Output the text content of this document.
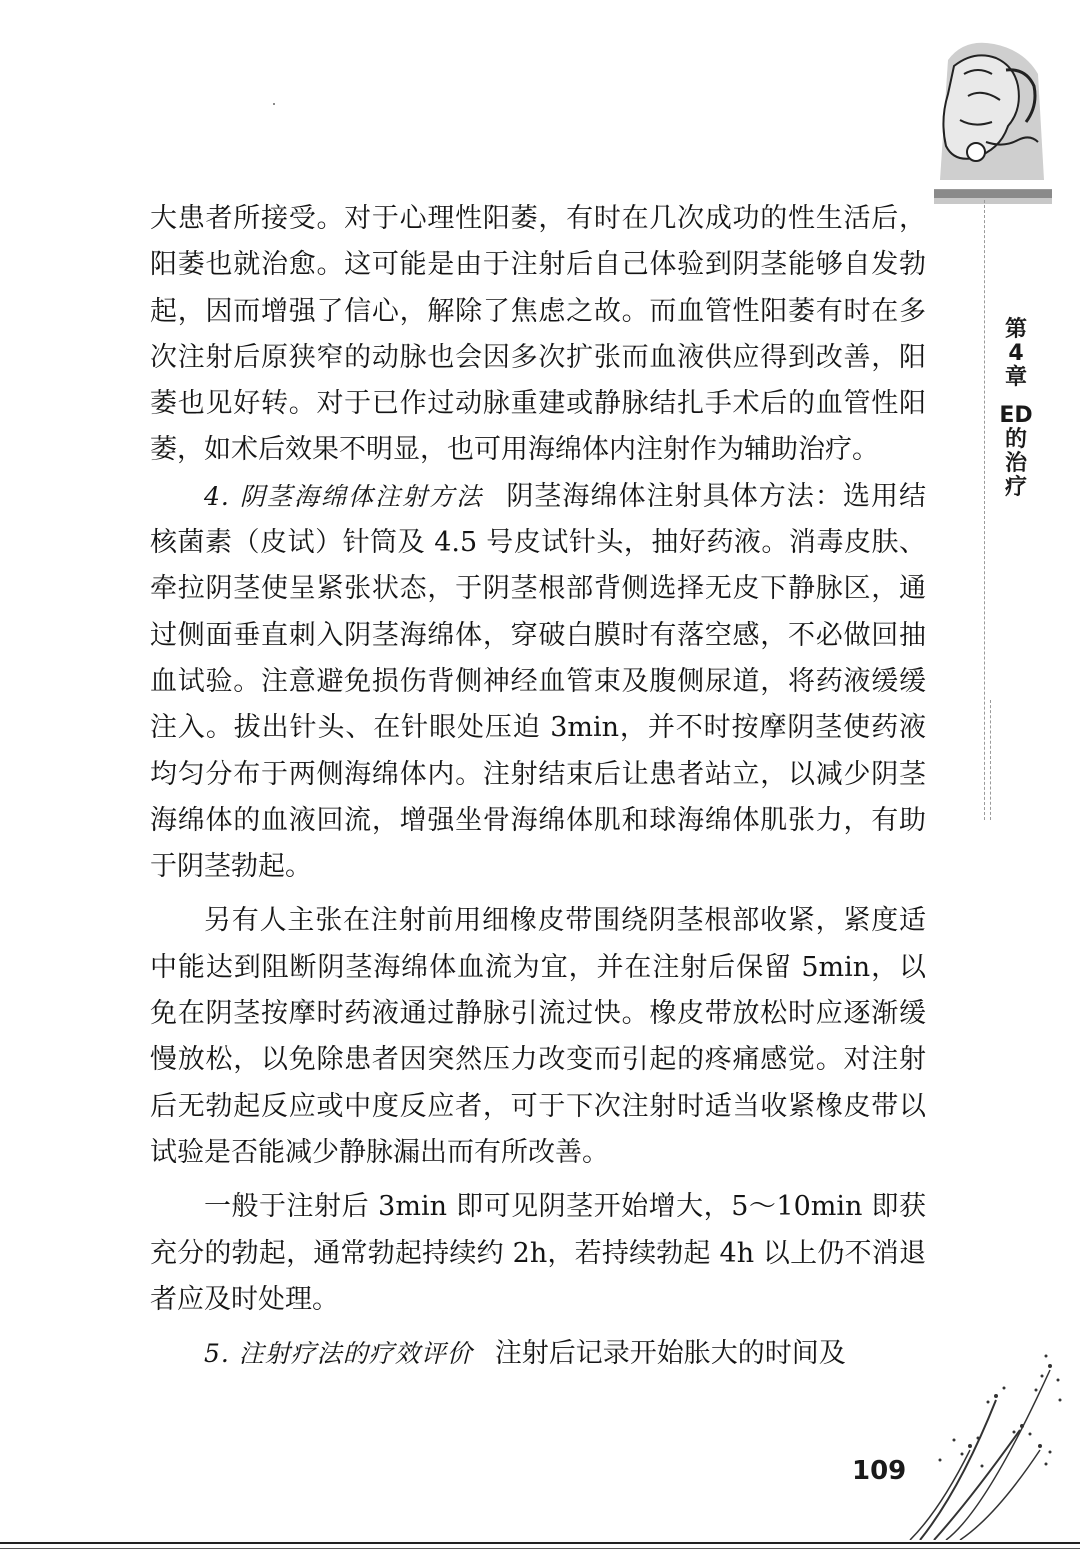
第
4
章
ED
的
治
疗

大患者所接受。对于心理性阳萎，有时在几次成功的性生活后，阳萎也就治愈。这可能是由于注射后自己体验到阴茎能够自发勃起，因而增强了信心，解除了焦虑之故。而血管性阳萎有时在多次注射后原狭窄的动脉也会因多次扩张而血液供应得到改善，阳萎也见好转。对于已作过动脉重建或静脉结扎手术后的血管性阳萎，如术后效果不明显，也可用海绵体内注射作为辅助治疗。

4. 阴茎海绵体注射方法 阴茎海绵体注射具体方法：选用结核菌素（皮试）针筒及 4.5 号皮试针头，抽好药液。消毒皮肤、牵拉阴茎使呈紧张状态，于阴茎根部背侧选择无皮下静脉区，通过侧面垂直刺入阴茎海绵体，穿破白膜时有落空感，不必做回抽血试验。注意避免损伤背侧神经血管束及腹侧尿道，将药液缓缓注入。拔出针头、在针眼处压迫 3min，并不时按摩阴茎使药液均匀分布于两侧海绵体内。注射结束后让患者站立，以减少阴茎海绵体的血液回流，增强坐骨海绵体肌和球海绵体肌张力，有助于阴茎勃起。

另有人主张在注射前用细橡皮带围绕阴茎根部收紧，紧度适中能达到阻断阴茎海绵体血流为宜，并在注射后保留 5min，以免在阴茎按摩时药液通过静脉引流过快。橡皮带放松时应逐渐缓慢放松，以免除患者因突然压力改变而引起的疼痛感觉。对注射后无勃起反应或中度反应者，可于下次注射时适当收紧橡皮带以试验是否能减少静脉漏出而有所改善。

一般于注射后 3min 即可见阴茎开始增大，5～10min 即获充分的勃起，通常勃起持续约 2h，若持续勃起 4h 以上仍不消退者应及时处理。

5. 注射疗法的疗效评价 注射后记录开始胀大的时间及

109
